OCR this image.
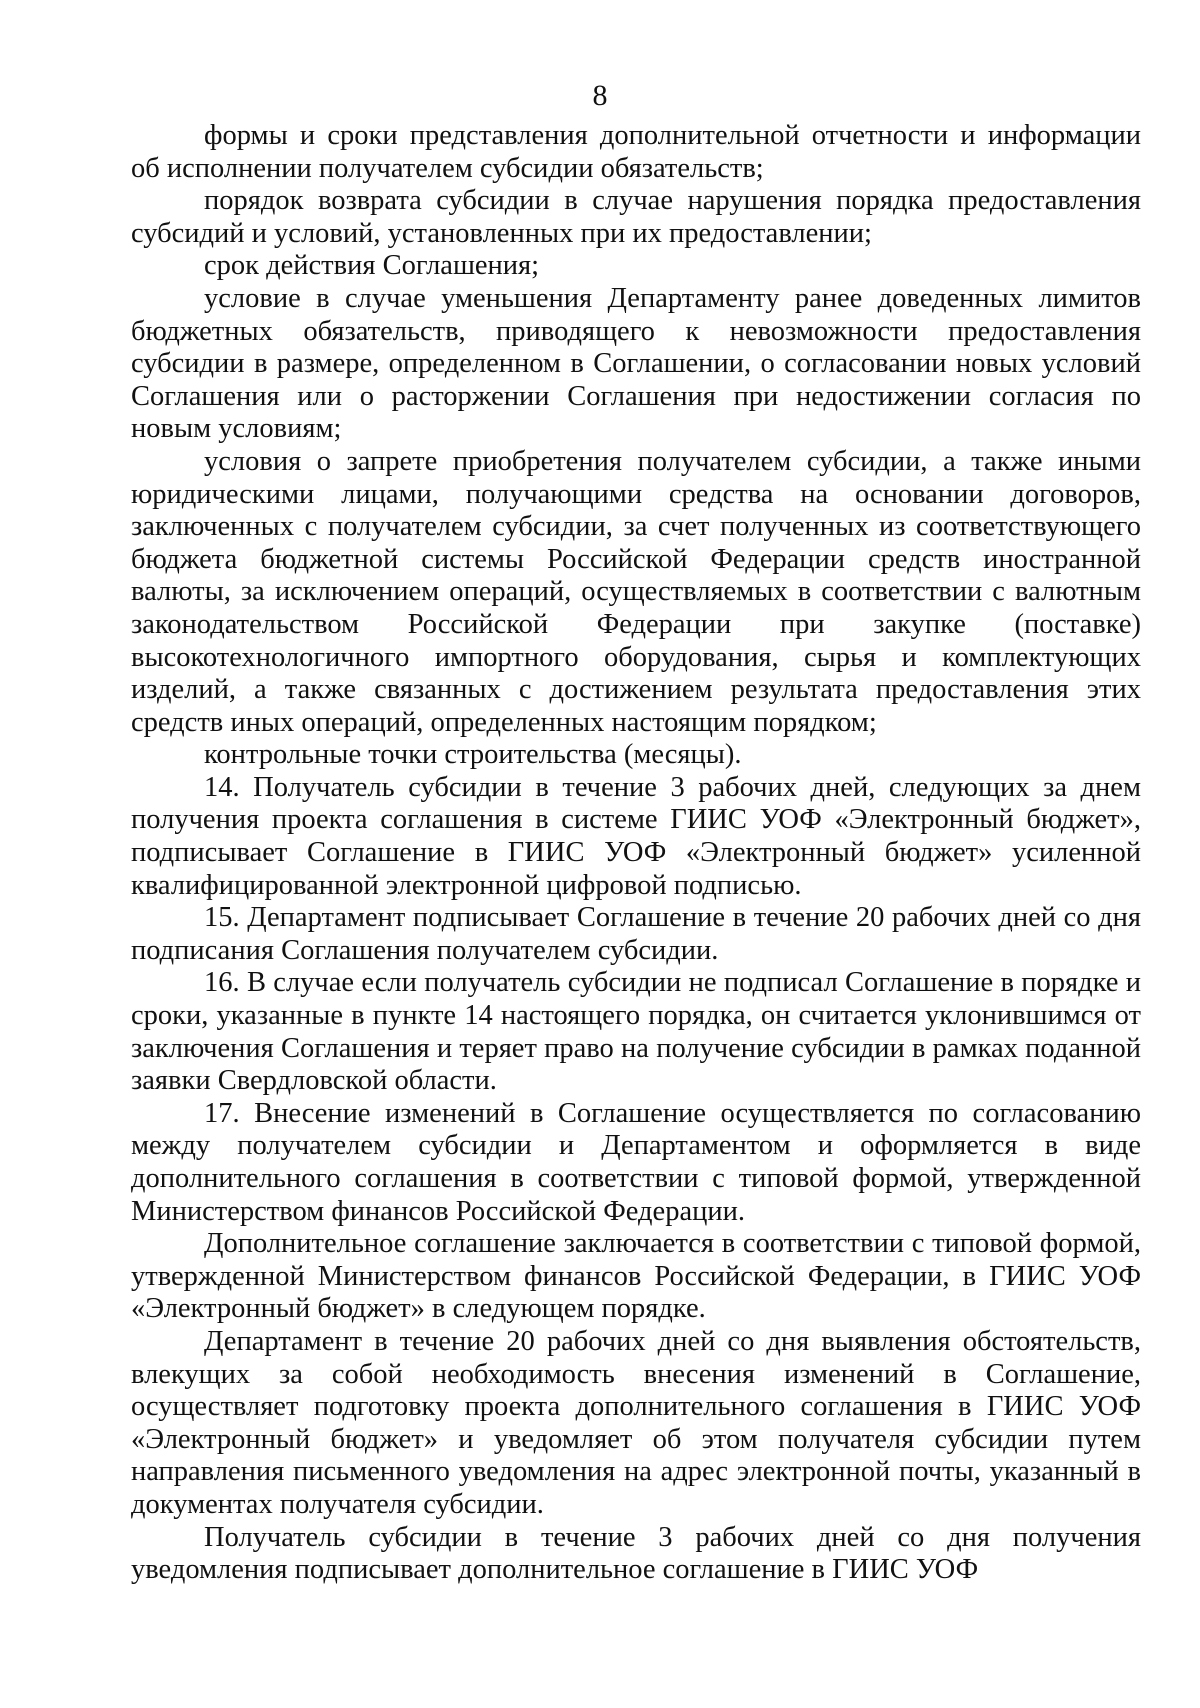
8

формы и сроки представления дополнительной отчетности и информации об исполнении получателем субсидии обязательств;

порядок возврата субсидии в случае нарушения порядка предоставления субсидий и условий, установленных при их предоставлении;

срок действия Соглашения;

условие в случае уменьшения Департаменту ранее доведенных лимитов бюджетных обязательств, приводящего к невозможности предоставления субсидии в размере, определенном в Соглашении, о согласовании новых условий Соглашения или о расторжении Соглашения при недостижении согласия по новым условиям;

условия о запрете приобретения получателем субсидии, а также иными юридическими лицами, получающими средства на основании договоров, заключенных с получателем субсидии, за счет полученных из соответствующего бюджета бюджетной системы Российской Федерации средств иностранной валюты, за исключением операций, осуществляемых в соответствии с валютным законодательством Российской Федерации при закупке (поставке) высокотехнологичного импортного оборудования, сырья и комплектующих изделий, а также связанных с достижением результата предоставления этих средств иных операций, определенных настоящим порядком;

контрольные точки строительства (месяцы).

14. Получатель субсидии в течение 3 рабочих дней, следующих за днем получения проекта соглашения в системе ГИИС УОФ «Электронный бюджет», подписывает Соглашение в ГИИС УОФ «Электронный бюджет» усиленной квалифицированной электронной цифровой подписью.

15. Департамент подписывает Соглашение в течение 20 рабочих дней со дня подписания Соглашения получателем субсидии.

16. В случае если получатель субсидии не подписал Соглашение в порядке и сроки, указанные в пункте 14 настоящего порядка, он считается уклонившимся от заключения Соглашения и теряет право на получение субсидии в рамках поданной заявки Свердловской области.

17. Внесение изменений в Соглашение осуществляется по согласованию между получателем субсидии и Департаментом и оформляется в виде дополнительного соглашения в соответствии с типовой формой, утвержденной Министерством финансов Российской Федерации.

Дополнительное соглашение заключается в соответствии с типовой формой, утвержденной Министерством финансов Российской Федерации, в ГИИС УОФ «Электронный бюджет» в следующем порядке.

Департамент в течение 20 рабочих дней со дня выявления обстоятельств, влекущих за собой необходимость внесения изменений в Соглашение, осуществляет подготовку проекта дополнительного соглашения в ГИИС УОФ «Электронный бюджет» и уведомляет об этом получателя субсидии путем направления письменного уведомления на адрес электронной почты, указанный в документах получателя субсидии.

Получатель субсидии в течение 3 рабочих дней со дня получения уведомления подписывает дополнительное соглашение в ГИИС УОФ
